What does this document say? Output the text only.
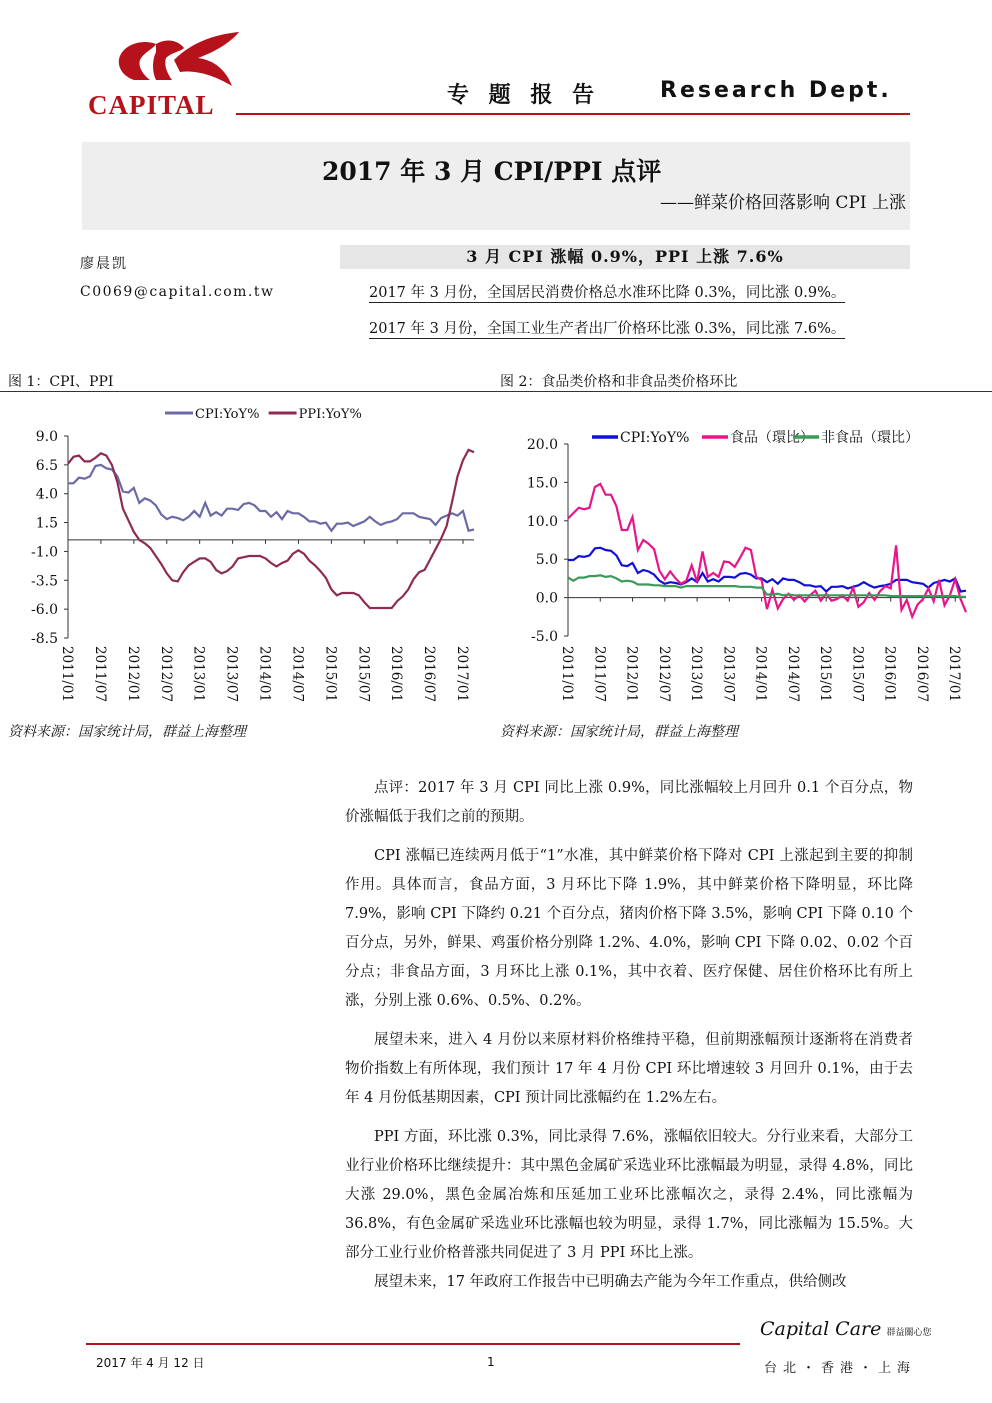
CAPITAL	专 题 报 告	Research Dept.
2017 年 3 月 CPI/PPI 点评
——鲜菜价格回落影响 CPI 上涨
廖晨凯
C0069@capital.com.tw
3 月 CPI 涨幅 0.9%，PPI 上涨 7.6%
2017 年 3 月份，全国居民消费价格总水准环比降 0.3%，同比涨 0.9%。
2017 年 3 月份，全国工业生产者出厂价格环比涨 0.3%，同比涨 7.6%。
图 1：CPI、PPI	图 2：食品类价格和非食品类价格环比
9.0
6.5
4.0
1.5
-1.0
-3.5
-6.0
-8.5
2011/01 2011/07 2012/01 2012/07 2013/01 2013/07 2014/01 2014/07 2015/01 2015/07 2016/01 2016/07 2017/01
CPI:YoY%	PPI:YoY%
20.0
15.0
10.0
5.0
0.0
-5.0
2011/01 2011/07 2012/01 2012/07 2013/01 2013/07 2014/01 2014/07 2015/01 2015/07 2016/01 2016/07 2017/01
CPI:YoY%	食品（環比） 非食品（環比）
资料来源：国家统计局，群益上海整理	资料来源：国家统计局，群益上海整理

点评：2017 年 3 月 CPI 同比上涨 0.9%，同比涨幅较上月回升 0.1 个百分点，物价涨幅低于我们之前的预期。

CPI 涨幅已连续两月低于“1”水准，其中鲜菜价格下降对 CPI 上涨起到主要的抑制作用。具体而言，食品方面，3 月环比下降 1.9%，其中鲜菜价格下降明显，环比降 7.9%，影响 CPI 下降约 0.21 个百分点，猪肉价格下降 3.5%，影响 CPI 下降 0.10 个百分点，另外，鲜果、鸡蛋价格分别降 1.2%、4.0%，影响 CPI 下降 0.02、0.02 个百分点；非食品方面，3 月环比上涨 0.1%，其中衣着、医疗保健、居住价格环比有所上涨，分别上涨 0.6%、0.5%、0.2%。

展望未来，进入 4 月份以来原材料价格维持平稳，但前期涨幅预计逐渐将在消费者物价指数上有所体现，我们预计 17 年 4 月份 CPI 环比增速较 3 月回升 0.1%，由于去年 4 月份低基期因素，CPI 预计同比涨幅约在 1.2%左右。

PPI 方面，环比涨 0.3%，同比录得 7.6%，涨幅依旧较大。分行业来看，大部分工业行业价格环比继续提升：其中黑色金属矿采选业环比涨幅最为明显，录得 4.8%，同比大涨 29.0%，黑色金属冶炼和压延加工业环比涨幅次之，录得 2.4%，同比涨幅为 36.8%，有色金属矿采选业环比涨幅也较为明显，录得 1.7%，同比涨幅为 15.5%。大部分工业行业价格普涨共同促进了 3 月 PPI 环比上涨。

展望未来，17 年政府工作报告中已明确去产能为今年工作重点，供给侧改

Capital Care 群益關心您
2017 年 4 月 12 日	1	台北・香港・上海
